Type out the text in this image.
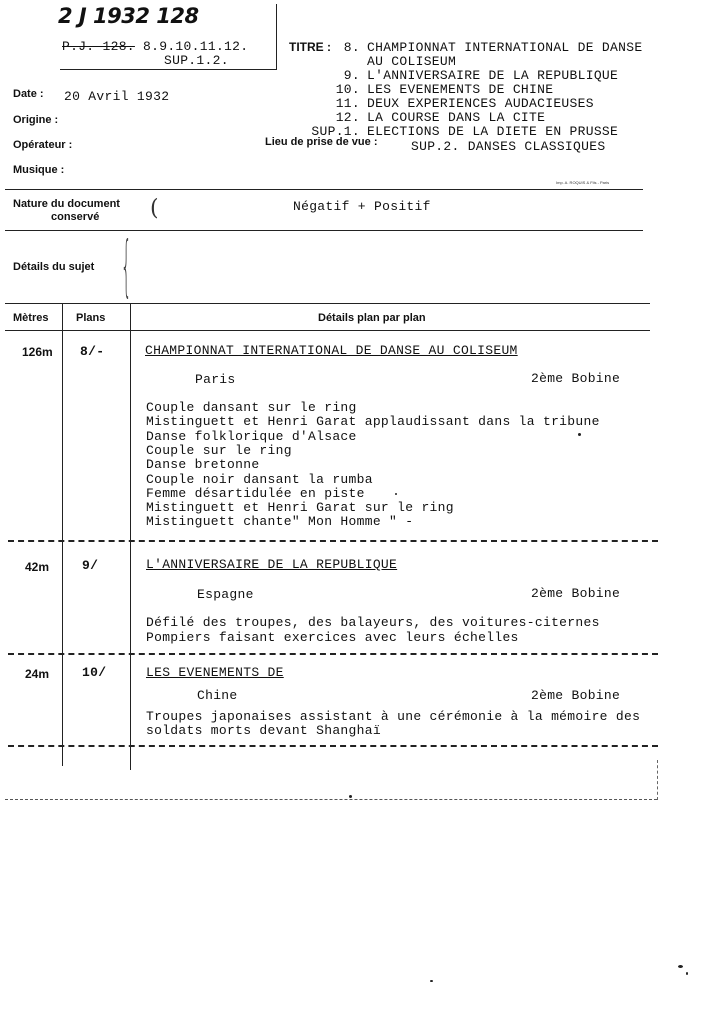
2 J 1932 128
P.J. 128. 8.9.10.11.12.
SUP.1.2.
TITRE : 8. CHAMPIONNAT INTERNATIONAL DE DANSE
AU COLISEUM
9. L'ANNIVERSAIRE DE LA REPUBLIQUE
10. LES EVENEMENTS DE CHINE
11. DEUX EXPERIENCES AUDACIEUSES
12. LA COURSE DANS LA CITE
SUP.1. ELECTIONS DE LA DIETE EN PRUSSE
Date : 20 Avril 1932
Origine :
Opérateur :
Musique :
Lieu de prise de vue :	SUP.2. DANSES CLASSIQUES
Imp. A. ROQUIS & Fils - Paris
Nature du document
conservé	(	Négatif + Positif
Détails du sujet {
Mètres	Plans	Détails plan par plan
126m 8/-	CHAMPIONNAT INTERNATIONAL DE DANSE AU COLISEUM
Paris	2ème Bobine
Couple dansant sur le ring
Mistinguett et Henri Garat applaudissant dans la tribune
Danse folklorique d'Alsace
Couple sur le ring
Danse bretonne
Couple noir dansant la rumba
Femme désartidulée en piste
Mistinguett et Henri Garat sur le ring
Mistinguett chante" Mon Homme " -
42m	9/	L'ANNIVERSAIRE DE LA REPUBLIQUE
Espagne	2ème Bobine
Défilé des troupes, des balayeurs, des voitures-citernes
Pompiers faisant exercices avec leurs échelles
24m	10/	LES EVENEMENTS DE
Chine	2ème Bobine
Troupes japonaises assistant à une cérémonie à la mémoire des
soldats morts devant Shanghaï
